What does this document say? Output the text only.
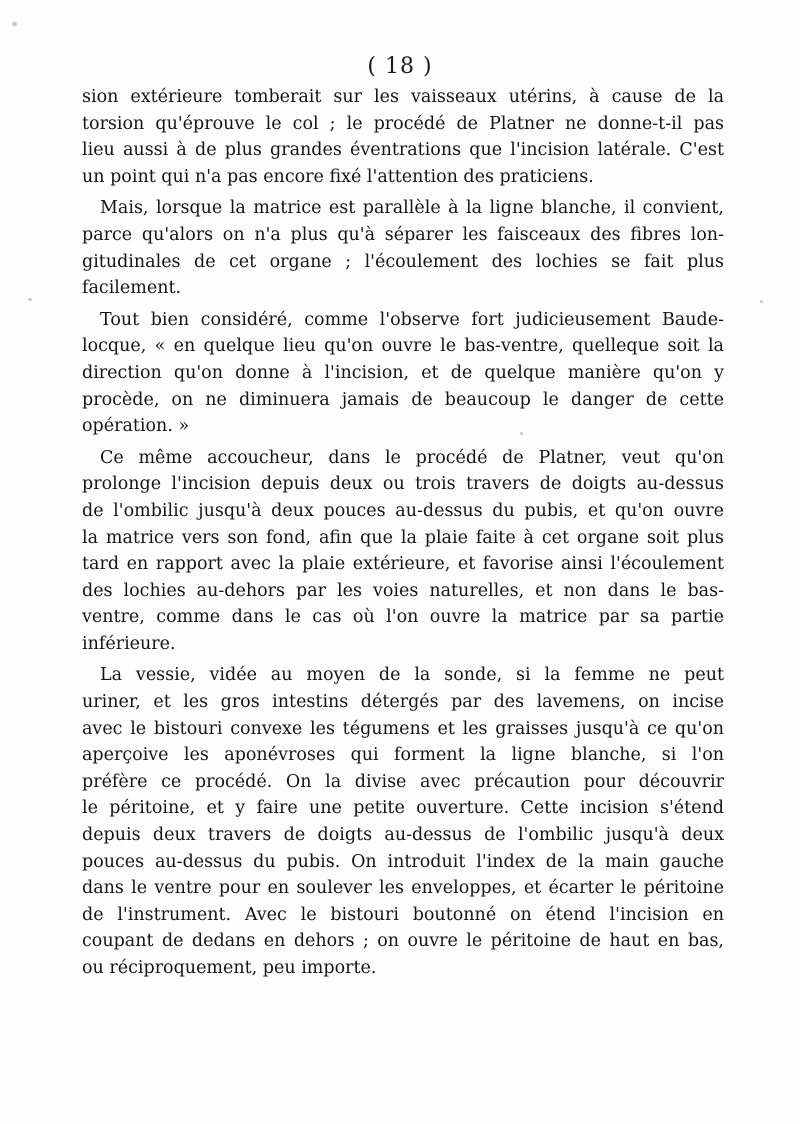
( 18 )
sion extérieure tomberait sur les vaisseaux utérins, à cause de la
torsion qu'éprouve le col ; le procédé de Platner ne donne-t-il pas
lieu aussi à de plus grandes éventrations que l'incision latérale. C'est
un point qui n'a pas encore fixé l'attention des praticiens.
Mais, lorsque la matrice est parallèle à la ligne blanche, il convient,
parce qu'alors on n'a plus qu'à séparer les faisceaux des fibres lon-
gitudinales de cet organe ; l'écoulement des lochies se fait plus
facilement.
Tout bien considéré, comme l'observe fort judicieusement Baude-
locque, « en quelque lieu qu'on ouvre le bas-ventre, quelleque soit la
direction qu'on donne à l'incision, et de quelque manière qu'on y
procède, on ne diminuera jamais de beaucoup le danger de cette
opération. »
Ce même accoucheur, dans le procédé de Platner, veut qu'on
prolonge l'incision depuis deux ou trois travers de doigts au-dessus
de l'ombilic jusqu'à deux pouces au-dessus du pubis, et qu'on ouvre
la matrice vers son fond, afin que la plaie faite à cet organe soit plus
tard en rapport avec la plaie extérieure, et favorise ainsi l'écoulement
des lochies au-dehors par les voies naturelles, et non dans le bas-
ventre, comme dans le cas où l'on ouvre la matrice par sa partie
inférieure.
La vessie, vidée au moyen de la sonde, si la femme ne peut
uriner, et les gros intestins détergés par des lavemens, on incise
avec le bistouri convexe les tégumens et les graisses jusqu'à ce qu'on
aperçoive les aponévroses qui forment la ligne blanche, si l'on
préfère ce procédé. On la divise avec précaution pour découvrir
le péritoine, et y faire une petite ouverture. Cette incision s'étend
depuis deux travers de doigts au-dessus de l'ombilic jusqu'à deux
pouces au-dessus du pubis. On introduit l'index de la main gauche
dans le ventre pour en soulever les enveloppes, et écarter le péritoine
de l'instrument. Avec le bistouri boutonné on étend l'incision en
coupant de dedans en dehors ; on ouvre le péritoine de haut en bas,
ou réciproquement, peu importe.
